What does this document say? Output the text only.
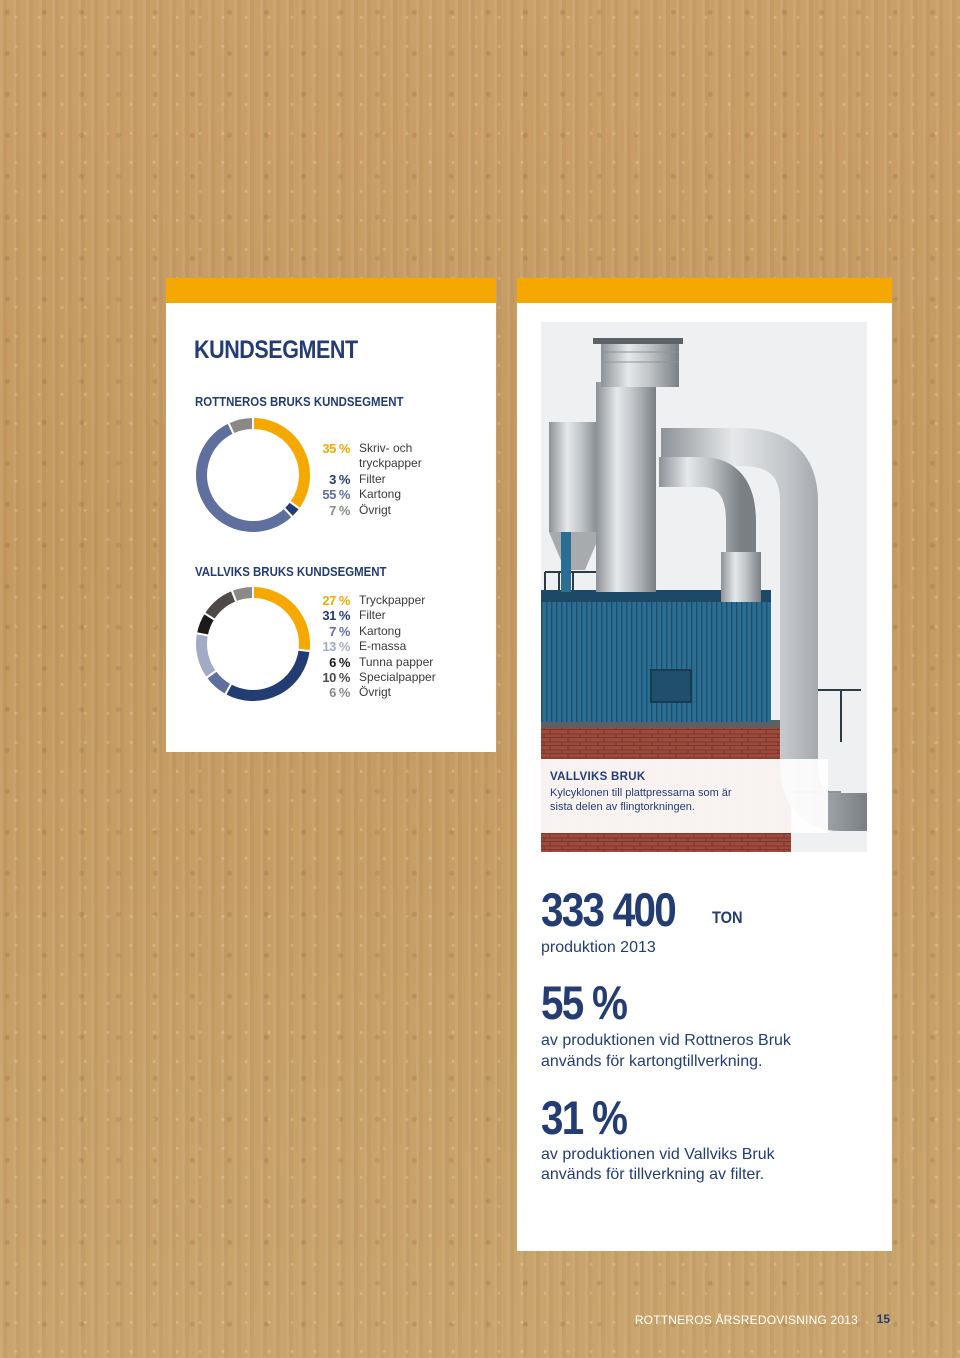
KUNDSEGMENT
ROTTNEROS BRUKS KUNDSEGMENT
35 % Skriv- och
tryckpapper
3 % Filter
55 % Kartong
7 % Övrigt
VALLVIKS BRUKS KUNDSEGMENT
27 % Tryckpapper
31 % Filter
7 % Kartong
13 % E-massa
6 % Tunna papper
10 % Specialpapper
6 % Övrigt
VALLVIKS BRUK
Kylcyklonen till plattpressarna som är sista delen av flingtorkningen.
333 400 TON
produktion 2013
55 %
av produktionen vid Rottneros Bruk
används för kartongtillverkning.
31 %
av produktionen vid Vallviks Bruk
används för tillverkning av filter.
ROTTNEROS ÅRSREDOVISNING 2013 15
